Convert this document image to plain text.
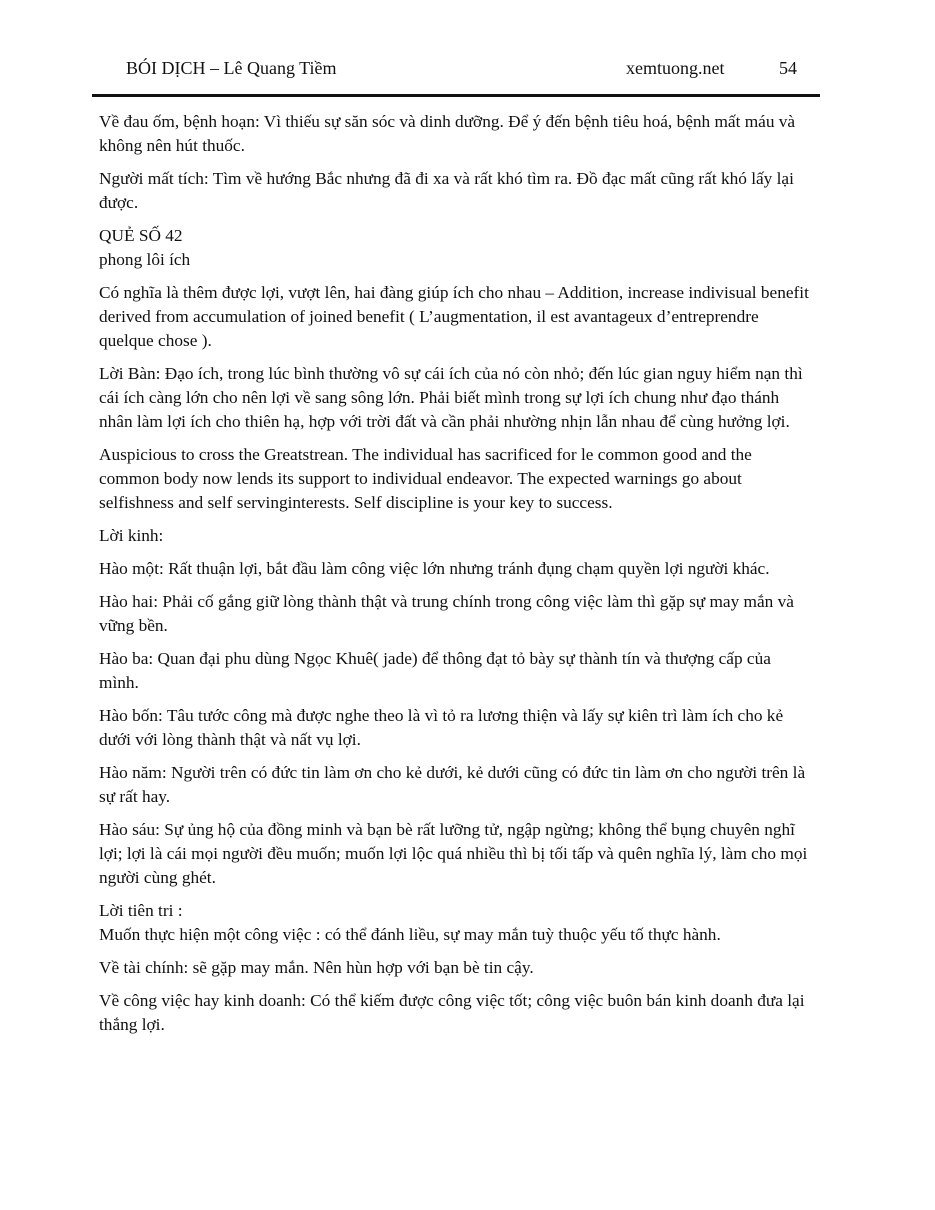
BÓI DỊCH – Lê Quang Tiềm	xemtuong.net	54

Về đau ốm, bệnh hoạn: Vì thiếu sự săn sóc và dinh dưỡng. Để ý đến bệnh tiêu hoá, bệnh mất máu và không nên hút thuốc.

Người mất tích: Tìm về hướng Bắc nhưng đã đi xa và rất khó tìm ra. Đồ đạc mất cũng rất khó lấy lại được.

QUẺ SỐ 42

phong lôi ích

Có nghĩa là thêm được lợi, vượt lên, hai đàng giúp ích cho nhau – Addition, increase indivisual benefit derived from accumulation of joined benefit ( L’augmentation, il est avantageux d’entreprendre quelque chose ).

Lời Bàn: Đạo ích, trong lúc bình thường vô sự cái ích của nó còn nhỏ; đến lúc gian nguy hiểm nạn thì cái ích càng lớn cho nên lợi về sang sông lớn. Phải biết mình trong sự lợi ích chung như đạo thánh nhân làm lợi ích cho thiên hạ, hợp với trời đất và cần phải nhường nhịn lẫn nhau để cùng hưởng lợi.

Auspicious to cross the Greatstrean. The individual has sacrificed for le common good and the common body now lends its support to individual endeavor. The expected warnings go about selfishness and self servinginterests. Self discipline is your key to success.

Lời kinh:

Hào một: Rất thuận lợi, bắt đầu làm công việc lớn nhưng tránh đụng chạm quyền lợi người khác.

Hào hai: Phải cố gắng giữ lòng thành thật và trung chính trong công việc làm thì gặp sự may mắn và vững bền.

Hào ba: Quan đại phu dùng Ngọc Khuê( jade) để thông đạt tỏ bày sự thành tín và thượng cấp của mình.

Hào bốn: Tâu tước công mà được nghe theo là vì tỏ ra lương thiện và lấy sự kiên trì làm ích cho kẻ dưới với lòng thành thật và nất vụ lợi.

Hào năm: Người trên có đức tin làm ơn cho kẻ dưới, kẻ dưới cũng có đức tin làm ơn cho người trên là sự rất hay.

Hào sáu: Sự ủng hộ của đồng minh và bạn bè rất lưỡng tử, ngập ngừng; không thể bụng chuyên nghĩ lợi; lợi là cái mọi người đều muốn; muốn lợi lộc quá nhiều thì bị tối tấp và quên nghĩa lý, làm cho mọi người cùng ghét.

Lời tiên tri :

Muốn thực hiện một công việc : có thể đánh liều, sự may mắn tuỳ thuộc yếu tố thực hành.

Về tài chính: sẽ gặp may mắn. Nên hùn hợp với bạn bè tin cậy.

Về công việc hay kinh doanh: Có thể kiếm được công việc tốt; công việc buôn bán kinh doanh đưa lại thắng lợi.
